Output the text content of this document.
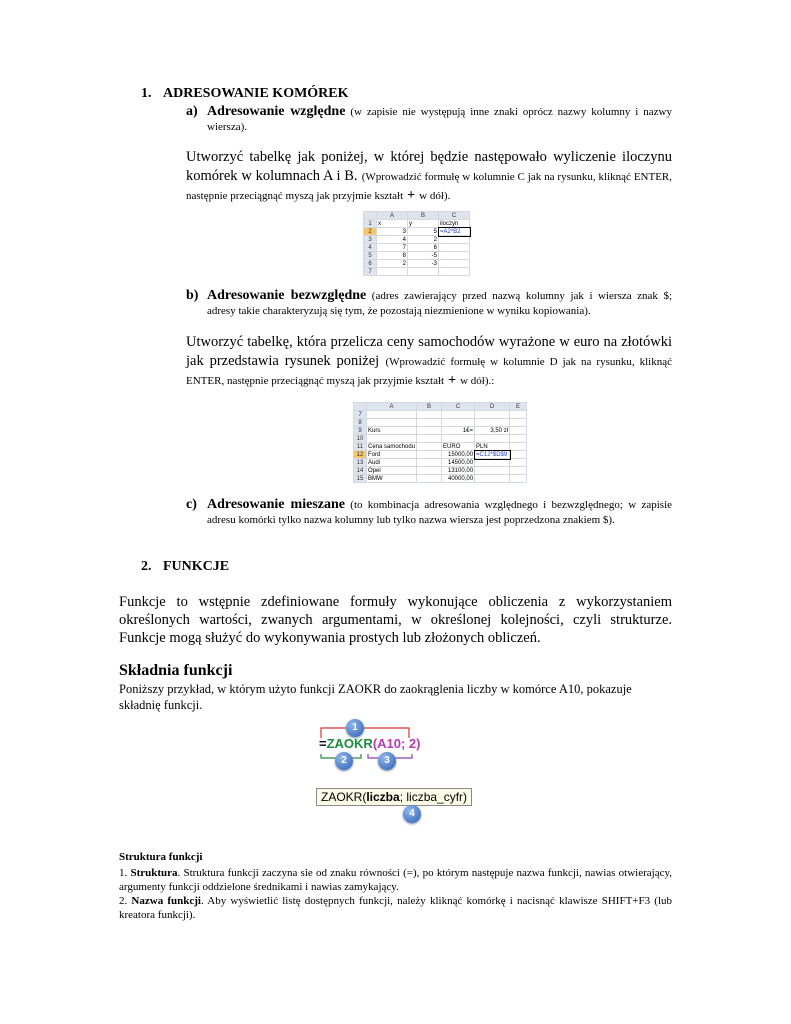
1. ADRESOWANIE KOMÓREK
a) Adresowanie względne (w zapisie nie występują inne znaki oprócz nazwy kolumny i nazwy wiersza).
Utworzyć tabelkę jak poniżej, w której będzie następowało wyliczenie iloczynu komórek w kolumnach A i B. (Wprowadzić formułę w kolumnie C jak na rysunku, kliknąć ENTER, następnie przeciągnąć myszą jak przyjmie kształt + w dół).
	A	B	C
1	x	y	iloczyn
2	3	5	=A2*B2
3	4	2	
4	7	6	
5	8	-5	
6	2	-3	
7			
b) Adresowanie bezwzględne (adres zawierający przed nazwą kolumny jak i wiersza znak $; adresy takie charakteryzują się tym, że pozostają niezmienione w wyniku kopiowania).
Utworzyć tabelkę, która przelicza ceny samochodów wyrażone w euro na złotówki jak przedstawia rysunek poniżej (Wprowadzić formułę w kolumnie D jak na rysunku, kliknąć ENTER, następnie przeciągnąć myszą jak przyjmie kształt + w dół).:
	A	B	C	D	E
7					
8					
9	Kurs		1€=	3,50 zł	
10					
11	Cena samochodu		EURO	PLN	
12	Ford		15000,00	=C12*$D$9	
13	Audi		14500,00		
14	Opel		13100,00		
15	BMW		40000,00		
c) Adresowanie mieszane (to kombinacja adresowania względnego i bezwzględnego; w zapisie adresu komórki tylko nazwa kolumny lub tylko nazwa wiersza jest poprzedzona znakiem $).
2. FUNKCJE
Funkcje to wstępnie zdefiniowane formuły wykonujące obliczenia z wykorzystaniem określonych wartości, zwanych argumentami, w określonej kolejności, czyli strukturze. Funkcje mogą służyć do wykonywania prostych lub złożonych obliczeń.
Składnia funkcji
Poniższy przykład, w którym użyto funkcji ZAOKR do zaokrąglenia liczby w komórce A10, pokazuje składnię funkcji.
1
=ZAOKR(A10; 2)
2	3
ZAOKR(liczba; liczba_cyfr)
4
Struktura funkcji
1. Struktura. Struktura funkcji zaczyna sie od znaku równości (=), po którym następuje nazwa funkcji, nawias otwierający, argumenty funkcji oddzielone średnikami i nawias zamykający.
2. Nazwa funkcji. Aby wyświetlić listę dostępnych funkcji, należy kliknąć komórkę i nacisnąć klawisze SHIFT+F3 (lub kreatora funkcji).
